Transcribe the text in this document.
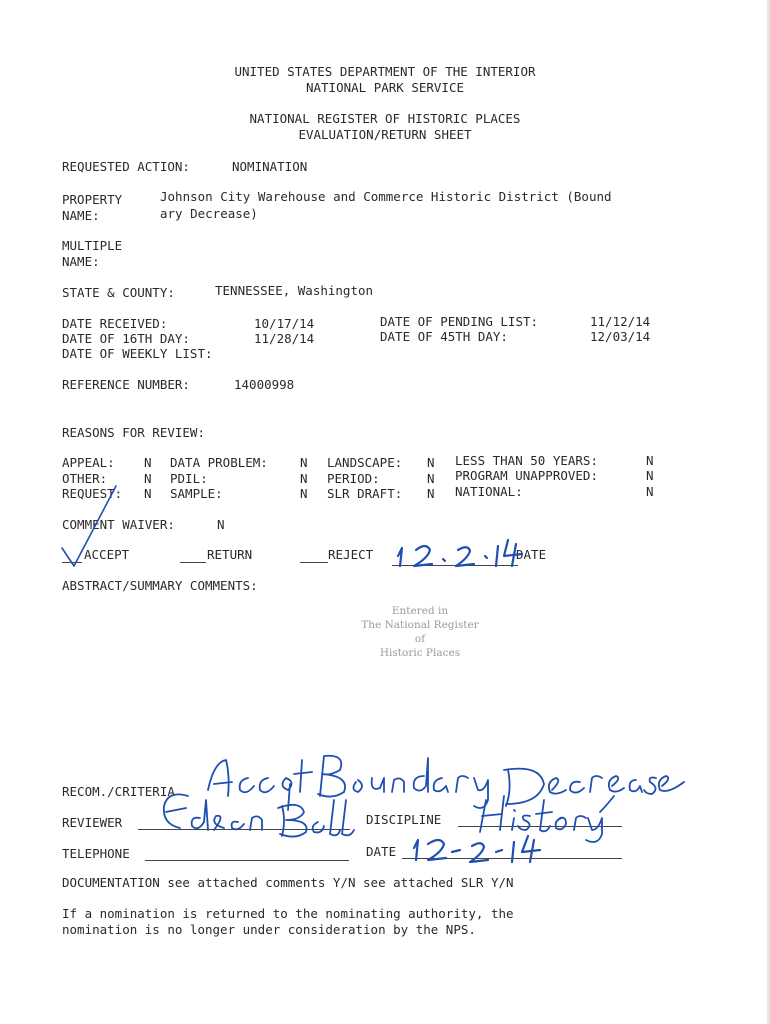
UNITED STATES DEPARTMENT OF THE INTERIOR
NATIONAL PARK SERVICE
NATIONAL REGISTER OF HISTORIC PLACES
EVALUATION/RETURN SHEET
REQUESTED ACTION:	NOMINATION
PROPERTY
NAME:
Johnson City Warehouse and Commerce Historic District (Bound
ary Decrease)
MULTIPLE
NAME:
STATE & COUNTY:	TENNESSEE, Washington
DATE RECEIVED:	10/17/14
DATE OF 16TH DAY:	11/28/14
DATE OF WEEKLY LIST:
DATE OF PENDING LIST:	11/12/14
DATE OF 45TH DAY:	12/03/14
REFERENCE NUMBER:	14000998
REASONS FOR REVIEW:
APPEAL: N DATA PROBLEM:	N LANDSCAPE: N LESS THAN 50 YEARS:	N
OTHER:	N PDIL:	N PERIOD:	N PROGRAM UNAPPROVED:	N
REQUEST: N SAMPLE:	N SLR DRAFT: N NATIONAL:	N
COMMENT WAIVER:	N
ACCEPT	RETURN	REJECT	DATE
ABSTRACT/SUMMARY COMMENTS:
Entered in
The National Register
of
Historic Places
RECOM./CRITERIA
REVIEWER	DISCIPLINE
TELEPHONE	DATE
DOCUMENTATION see attached comments Y/N see attached SLR Y/N
If a nomination is returned to the nominating authority, the
nomination is no longer under consideration by the NPS.
